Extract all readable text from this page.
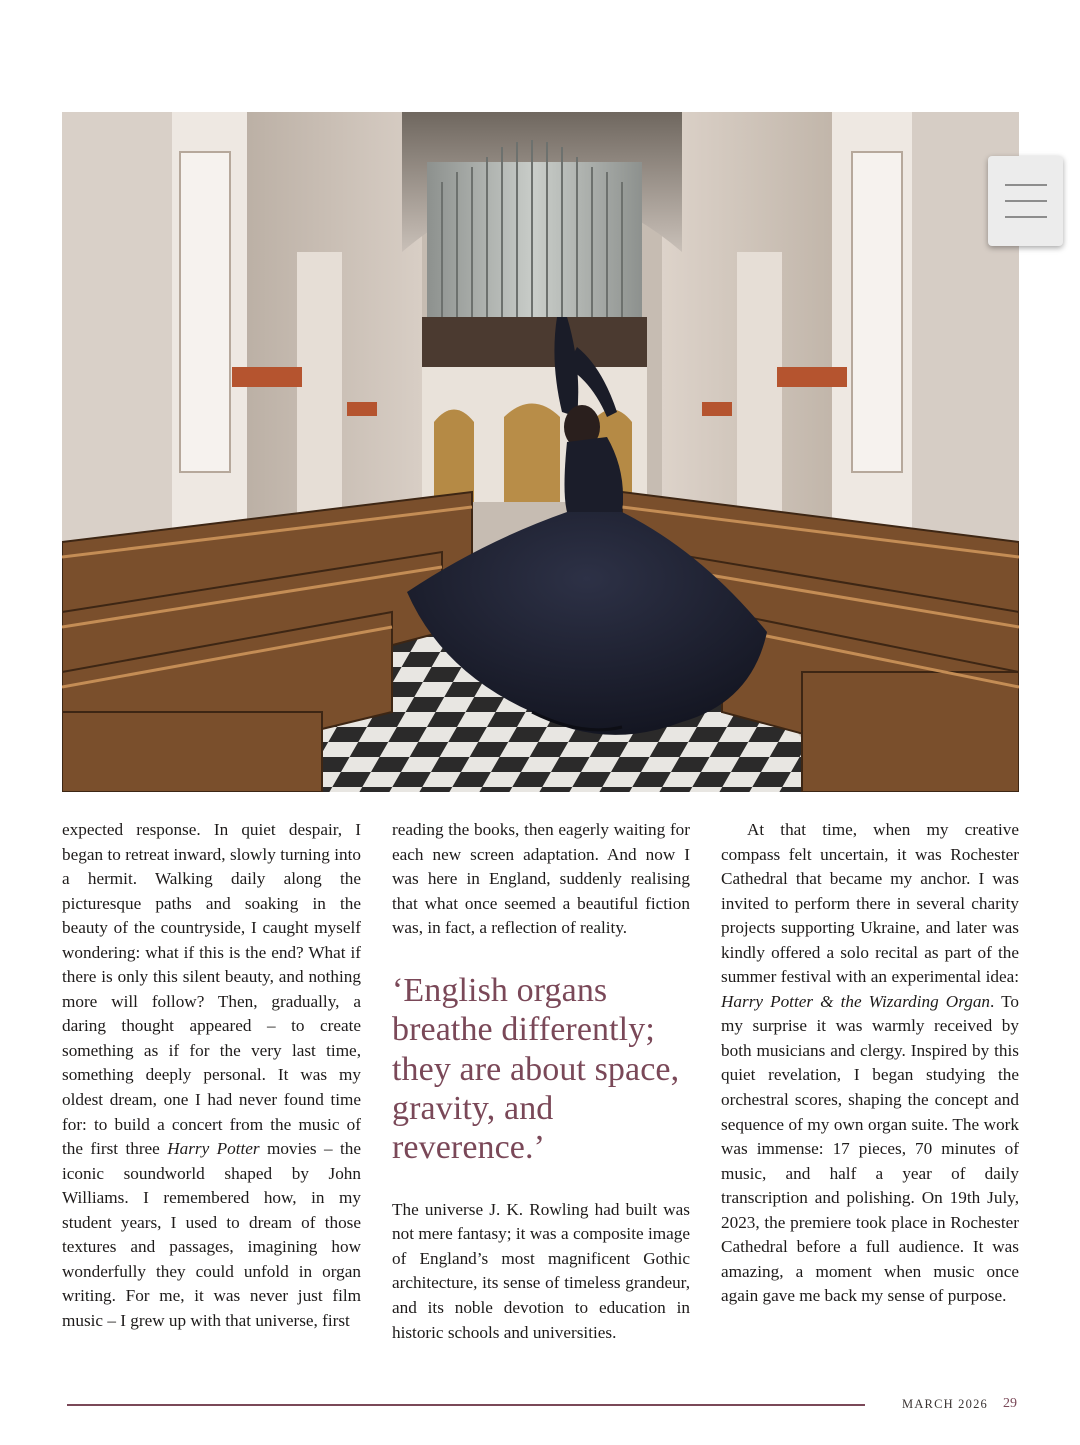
expected response. In quiet despair, I began to retreat inward, slowly turning into a hermit. Walking daily along the picturesque paths and soaking in the beauty of the countryside, I caught myself wondering: what if this is the end? What if there is only this silent beauty, and nothing more will follow? Then, gradually, a daring thought appeared – to create something as if for the very last time, something deeply personal. It was my oldest dream, one I had never found time for: to build a concert from the music of the first three Harry Potter movies – the iconic soundworld shaped by John Williams. I remembered how, in my student years, I used to dream of those textures and passages, imagining how wonderfully they could unfold in organ writing. For me, it was never just film music – I grew up with that universe, first

reading the books, then eagerly waiting for each new screen adaptation. And now I was here in England, suddenly realising that what once seemed a beautiful fiction was, in fact, a reflection of reality.

‘English organs breathe differently; they are about space, gravity, and reverence.’

The universe J. K. Rowling had built was not mere fantasy; it was a composite image of England’s most magnificent Gothic architecture, its sense of timeless grandeur, and its noble devotion to education in historic schools and universities.

At that time, when my creative compass felt uncertain, it was Rochester Cathedral that became my anchor. I was invited to perform there in several charity projects supporting Ukraine, and later was kindly offered a solo recital as part of the summer festival with an experimental idea: Harry Potter & the Wizarding Organ. To my surprise it was warmly received by both musicians and clergy. Inspired by this quiet revelation, I began studying the orchestral scores, shaping the concept and sequence of my own organ suite. The work was immense: 17 pieces, 70 minutes of music, and half a year of daily transcription and polishing. On 19th July, 2023, the premiere took place in Rochester Cathedral before a full audience. It was amazing, a moment when music once again gave me back my sense of purpose.

MARCH 2026 29
